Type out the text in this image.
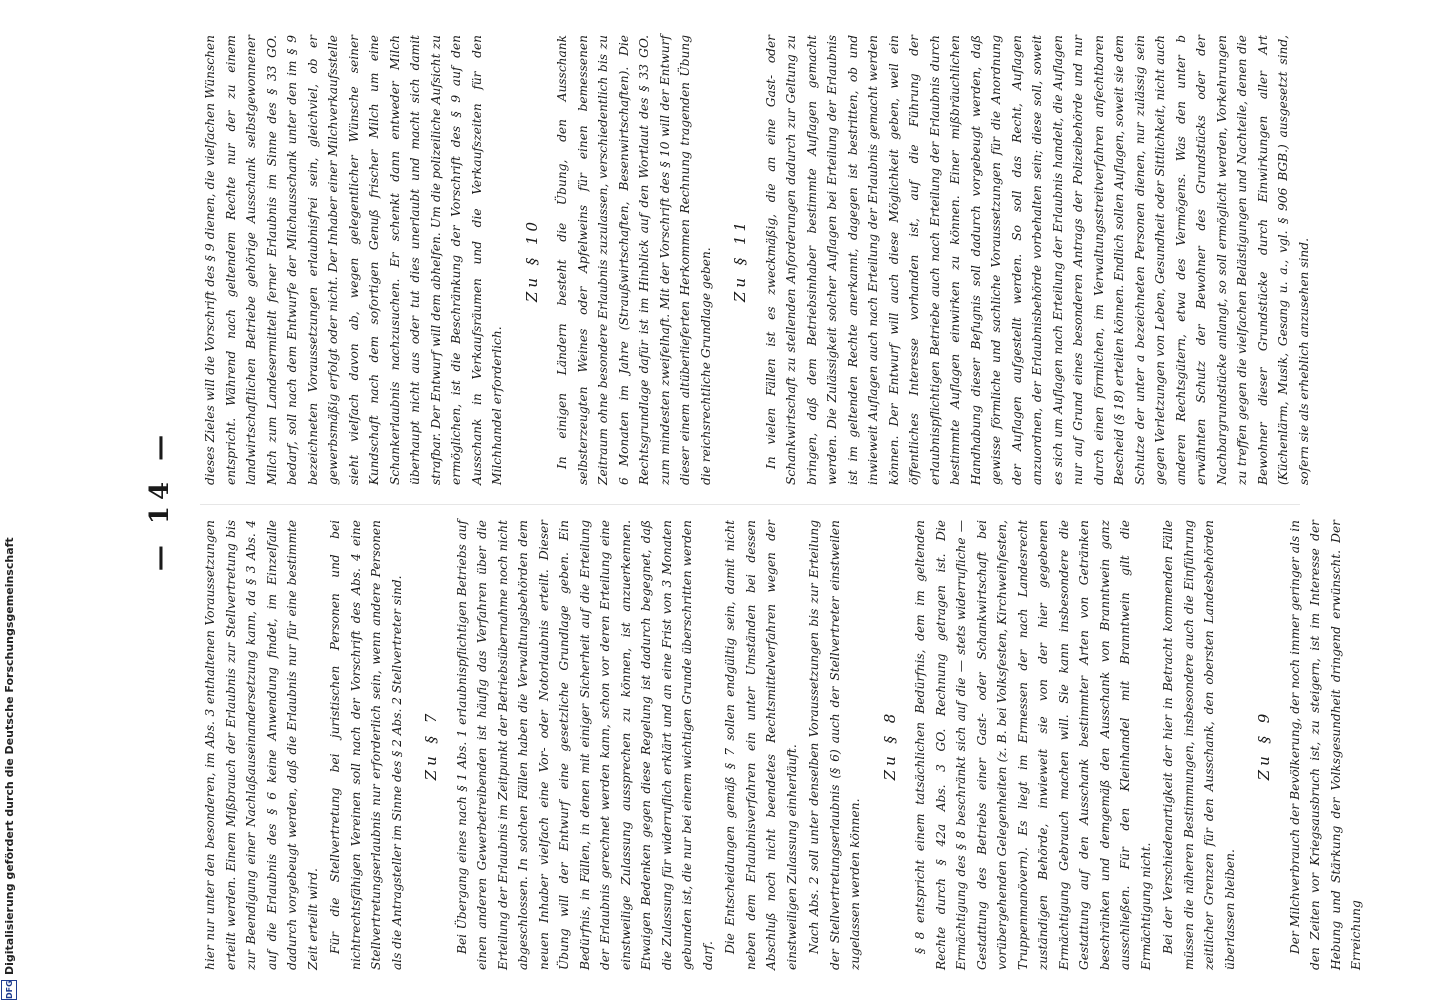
— 14 —

hier nur unter den besonderen, im Abs. 3 enthaltenen Voraussetzungen erteilt werden. Einem Mißbrauch der Erlaubnis zur Stellvertretung bis zur Beendigung einer Nachlaßauseinandersetzung kann, da § 3 Abs. 4 auf die Erlaubnis des § 6 keine Anwendung findet, im Einzelfalle dadurch vorgebeugt werden, daß die Erlaubnis nur für eine bestimmte Zeit erteilt wird. Für die Stellvertretung bei juristischen Personen und bei nichtrechtsfähigen Vereinen soll nach der Vorschrift des Abs. 4 eine Stellvertretungserlaubnis nur erforderlich sein, wenn andere Personen als die Antragsteller im Sinne des § 2 Abs. 2 Stellvertreter sind. Zu § 7 Bei Übergang eines nach § 1 Abs. 1 erlaubnispflichtigen Betriebs auf einen anderen Gewerbetreibenden ist häufig das Verfahren über die Erteilung der Erlaubnis im Zeitpunkt der Betriebsübernahme noch nicht abgeschlossen. In solchen Fällen haben die Verwaltungsbehörden dem neuen Inhaber vielfach eine Vor- oder Notorlaubnis erteilt. Dieser Übung will der Entwurf eine gesetzliche Grundlage geben. Ein Bedürfnis, in Fällen, in denen mit einiger Sicherheit auf die Erteilung der Erlaubnis gerechnet werden kann, schon vor deren Erteilung eine einstweilige Zulassung aussprechen zu können, ist anzuerkennen. Etwaigen Bedenken gegen diese Regelung ist dadurch begegnet, daß die Zulassung für widerruflich erklärt und an eine Frist von 3 Monaten gebunden ist, die nur bei einem wichtigen Grunde überschritten werden darf.

Die Entscheidungen gemäß § 7 sollen endgültig sein, damit nicht neben dem Erlaubnisverfahren ein unter Umständen bei dessen Abschluß noch nicht beendetes Rechtsmittelverfahren wegen der einstweiligen Zulassung einherläuft. Nach Abs. 2 soll unter denselben Voraussetzungen bis zur Erteilung der Stellvertretungserlaubnis (§ 6) auch der Stellvertreter einstweilen zugelassen werden können.

Zu § 8 § 8 entspricht einem tatsächlichen Bedürfnis, dem im geltenden Rechte durch § 42a Abs. 3 GO. Rechnung getragen ist. Die Ermächtigung des § 8 beschränkt sich auf die — stets widerrufliche — Gestattung des Betriebs einer Gast- oder Schankwirtschaft bei vorübergehenden Gelegenheiten (z. B. bei Volksfesten, Kirchweihfesten, Truppenmanövern). Es liegt im Ermessen der nach Landesrecht zuständigen Behörde, inwieweit sie von der hier gegebenen Ermächtigung Gebrauch machen will. Sie kann insbesondere die Gestattung auf den Ausschank bestimmter Arten von Getränken beschränken und demgemäß den Ausschank von Branntwein ganz ausschließen. Für den Kleinhandel mit Branntwein gilt die Ermächtigung nicht. Bei der Verschiedenartigkeit der hier in Betracht kommenden Fälle müssen die näheren Bestimmungen, insbesondere auch die Einführung zeitlicher Grenzen für den Ausschank, den obersten Landesbehörden überlassen bleiben.

Zu § 9 Der Milchverbrauch der Bevölkerung, der noch immer geringer als in den Zeiten vor Kriegsausbruch ist, zu steigern, ist im Interesse der Hebung und Stärkung der Volksgesundheit dringend erwünscht. Der Erreichung

dieses Zieles will die Vorschrift des § 9 dienen, die vielfachen Wünschen entspricht. Während nach geltendem Rechte nur der zu einem landwirtschaftlichen Betriebe gehörige Ausschank selbstgewonnener Milch zum Landesermittelt ferner Erlaubnis im Sinne des § 33 GO. bedarf, soll nach dem Entwurfe der Milchausschank unter den im § 9 bezeichneten Voraussetzungen erlaubnisfrei sein, gleichviel, ob er gewerbsmäßig erfolgt oder nicht. Der Inhaber einer Milchverkaufsstelle sieht vielfach davon ab, wegen gelegentlicher Wünsche seiner Kundschaft nach dem sofortigen Genuß frischer Milch um eine Schankerlaubnis nachzusuchen. Er schenkt dann entweder Milch überhaupt nicht aus oder tut dies unerlaubt und macht sich damit strafbar. Der Entwurf will dem abhelfen. Um die polizeiliche Aufsicht zu ermöglichen, ist die Beschränkung der Vorschrift des § 9 auf den Ausschank in Verkaufsräumen und die Verkaufszeiten für den Milchhandel erforderlich.

Zu § 10 In einigen Ländern besteht die Übung, den Ausschank selbsterzeugten Weines oder Apfelweins für einen bemessenen Zeitraum ohne besondere Erlaubnis zuzulassen, verschiedentlich bis zu 6 Monaten im Jahre (Straußwirtschaften, Besenwirtschaften). Die Rechtsgrundlage dafür ist im Hinblick auf den Wortlaut des § 33 GO. zum mindesten zweifelhaft. Mit der Vorschrift des § 10 will der Entwurf dieser einem altüberlieferten Herkommen Rechnung tragenden Übung die reichsrechtliche Grundlage geben. Zu § 11 In vielen Fällen ist es zweckmäßig, die an eine Gast- oder Schankwirtschaft zu stellenden Anforderungen dadurch zur Geltung zu bringen, daß dem Betriebsinhaber bestimmte Auflagen gemacht werden. Die Zulässigkeit solcher Auflagen bei Erteilung der Erlaubnis ist im geltenden Rechte anerkannt, dagegen ist bestritten, ob und inwieweit Auflagen auch nach Erteilung der Erlaubnis gemacht werden können. Der Entwurf will auch diese Möglichkeit geben, weil ein öffentliches Interesse vorhanden ist, auf die Führung der erlaubnispflichtigen Betriebe auch nach Erteilung der Erlaubnis durch bestimmte Auflagen einwirken zu können. Einer mißbräuchlichen Handhabung dieser Befugnis soll dadurch vorgebeugt werden, daß gewisse förmliche und sachliche Voraussetzungen für die Anordnung der Auflagen aufgestellt werden. So soll das Recht, Auflagen anzuordnen, der Erlaubnisbehörde vorbehalten sein; diese soll, soweit es sich um Auflagen nach Erteilung der Erlaubnis handelt, die Auflagen nur auf Grund eines besonderen Antrags der Polizeibehörde und nur durch einen förmlichen, im Verwaltungsstreitverfahren anfechtbaren Bescheid (§ 18) erteilen können. Endlich sollen Auflagen, soweit sie dem Schutze der unter a bezeichneten Personen dienen, nur zulässig sein gegen Verletzungen von Leben, Gesundheit oder Sittlichkeit, nicht auch anderen Rechtsgütern, etwa des Vermögens. Was den unter b erwähnten Schutz der Bewohner des Grundstücks oder der Nachbargrundstücke anlangt, so soll ermöglicht werden, Vorkehrungen zu treffen gegen die vielfachen Belästigungen und Nachteile, denen die Bewohner dieser Grundstücke durch Einwirkungen aller Art (Küchenlärm, Musik, Gesang u. a., vgl. § 906 BGB.) ausgesetzt sind, sofern sie als erheblich anzusehen sind.

DFG
Digitalisierung gefördert durch die Deutsche Forschungsgemeinschaft
